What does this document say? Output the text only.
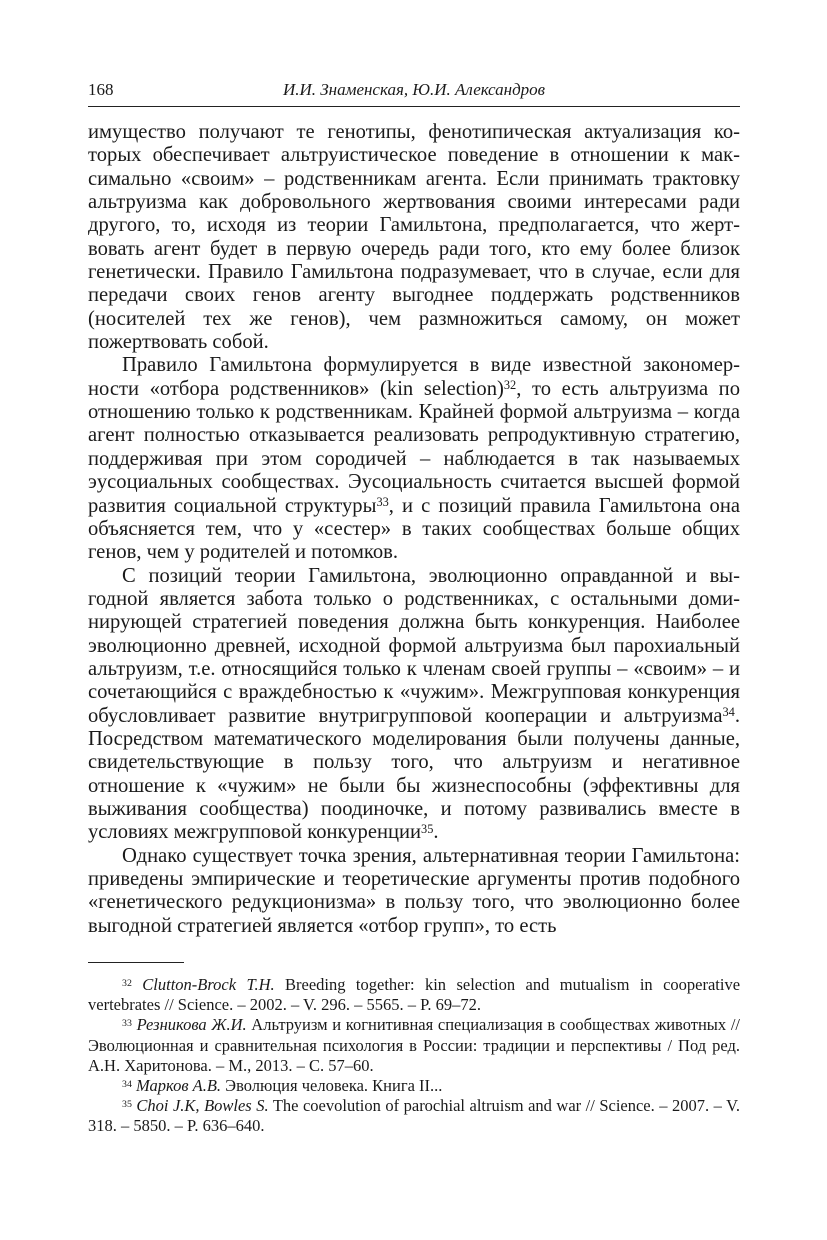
168	И.И. Знаменская, Ю.И. Александров

имущество получают те генотипы, фенотипическая актуализация которых обеспечивает альтруистическое поведение в отношении к максимально «своим» – родственникам агента. Если принимать трактовку альтруизма как добровольного жертвования своими интересами ради другого, то, исходя из теории Гамильтона, предполагается, что жертвовать агент будет в первую очередь ради того, кто ему более близок генетически. Правило Гамильтона подразумевает, что в случае, если для передачи своих генов агенту выгоднее поддержать родственников (носителей тех же генов), чем размножиться самому, он может пожертвовать собой.

Правило Гамильтона формулируется в виде известной закономерности «отбора родственников» (kin selection)$^{32}$, то есть альтруизма по отношению только к родственникам. Крайней формой альтруизма – когда агент полностью отказывается реализовать репродуктивную стратегию, поддерживая при этом сородичей – наблюдается в так называемых эусоциальных сообществах. Эусоциальность считается высшей формой развития социальной структуры$^{33}$, и с позиций правила Гамильтона она объясняется тем, что у «сестер» в таких сообществах больше общих генов, чем у родителей и потомков.

С позиций теории Гамильтона, эволюционно оправданной и выгодной является забота только о родственниках, с остальными доминирующей стратегией поведения должна быть конкуренция. Наиболее эволюционно древней, исходной формой альтруизма был парохиальный альтруизм, т.е. относящийся только к членам своей группы – «своим» – и сочетающийся с враждебностью к «чужим». Межгрупповая конкуренция обусловливает развитие внутригрупповой кооперации и альтруизма$^{34}$. Посредством математического моделирования были получены данные, свидетельствующие в пользу того, что альтруизм и негативное отношение к «чужим» не были бы жизнеспособны (эффективны для выживания сообщества) поодиночке, и потому развивались вместе в условиях межгрупповой конкуренции$^{35}$.

Однако существует точка зрения, альтернативная теории Гамильтона: приведены эмпирические и теоретические аргументы против подобного «генетического редукционизма» в пользу того, что эволюционно более выгодной стратегией является «отбор групп», то есть

$^{32}$ Clutton-Brock T.H. Breeding together: kin selection and mutualism in cooperative vertebrates // Science. – 2002. – V. 296. – 5565. – P. 69–72.

$^{33}$ Резникова Ж.И. Альтруизм и когнитивная специализация в сообществах животных // Эволюционная и сравнительная психология в России: традиции и перспективы / Под ред. А.Н. Харитонова. – М., 2013. – С. 57–60.

$^{34}$ Марков А.В. Эволюция человека. Книга II...

$^{35}$ Choi J.K, Bowles S. The coevolution of parochial altruism and war // Science. – 2007. – V. 318. – 5850. – P. 636–640.
